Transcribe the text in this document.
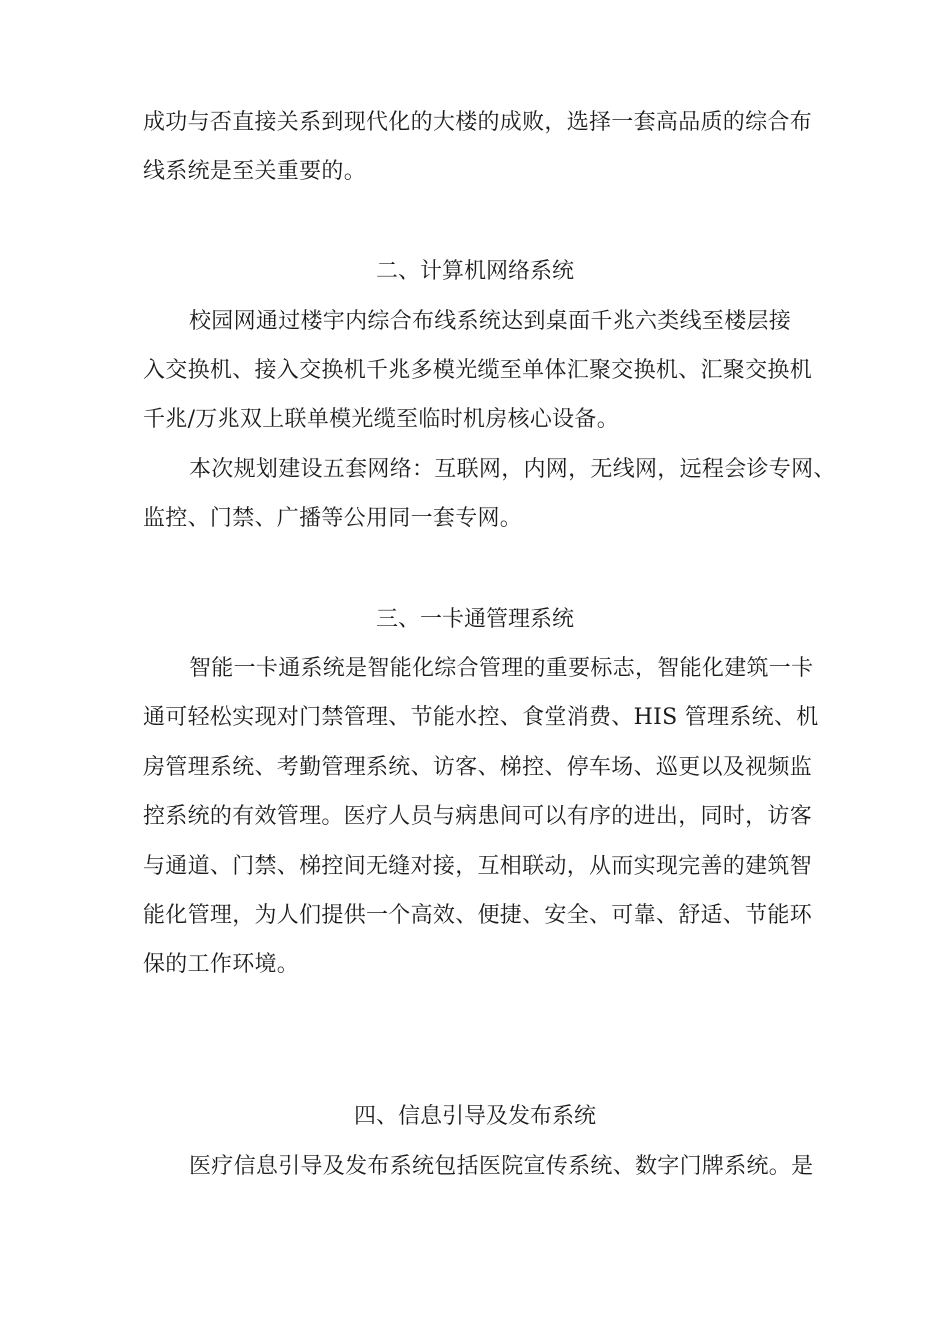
成功与否直接关系到现代化的大楼的成败，选择一套高品质的综合布
线系统是至关重要的。
二、计算机网络系统
校园网通过楼宇内综合布线系统达到桌面千兆六类线至楼层接
入交换机、接入交换机千兆多模光缆至单体汇聚交换机、汇聚交换机
千兆/万兆双上联单模光缆至临时机房核心设备。
本次规划建设五套网络：互联网，内网，无线网，远程会诊专网、
监控、门禁、广播等公用同一套专网。
三、一卡通管理系统
智能一卡通系统是智能化综合管理的重要标志，智能化建筑一卡
通可轻松实现对门禁管理、节能水控、食堂消费、HIS 管理系统、机
房管理系统、考勤管理系统、访客、梯控、停车场、巡更以及视频监
控系统的有效管理。医疗人员与病患间可以有序的进出，同时，访客
与通道、门禁、梯控间无缝对接，互相联动，从而实现完善的建筑智
能化管理，为人们提供一个高效、便捷、安全、可靠、舒适、节能环
保的工作环境。
四、信息引导及发布系统
医疗信息引导及发布系统包括医院宣传系统、数字门牌系统。是
